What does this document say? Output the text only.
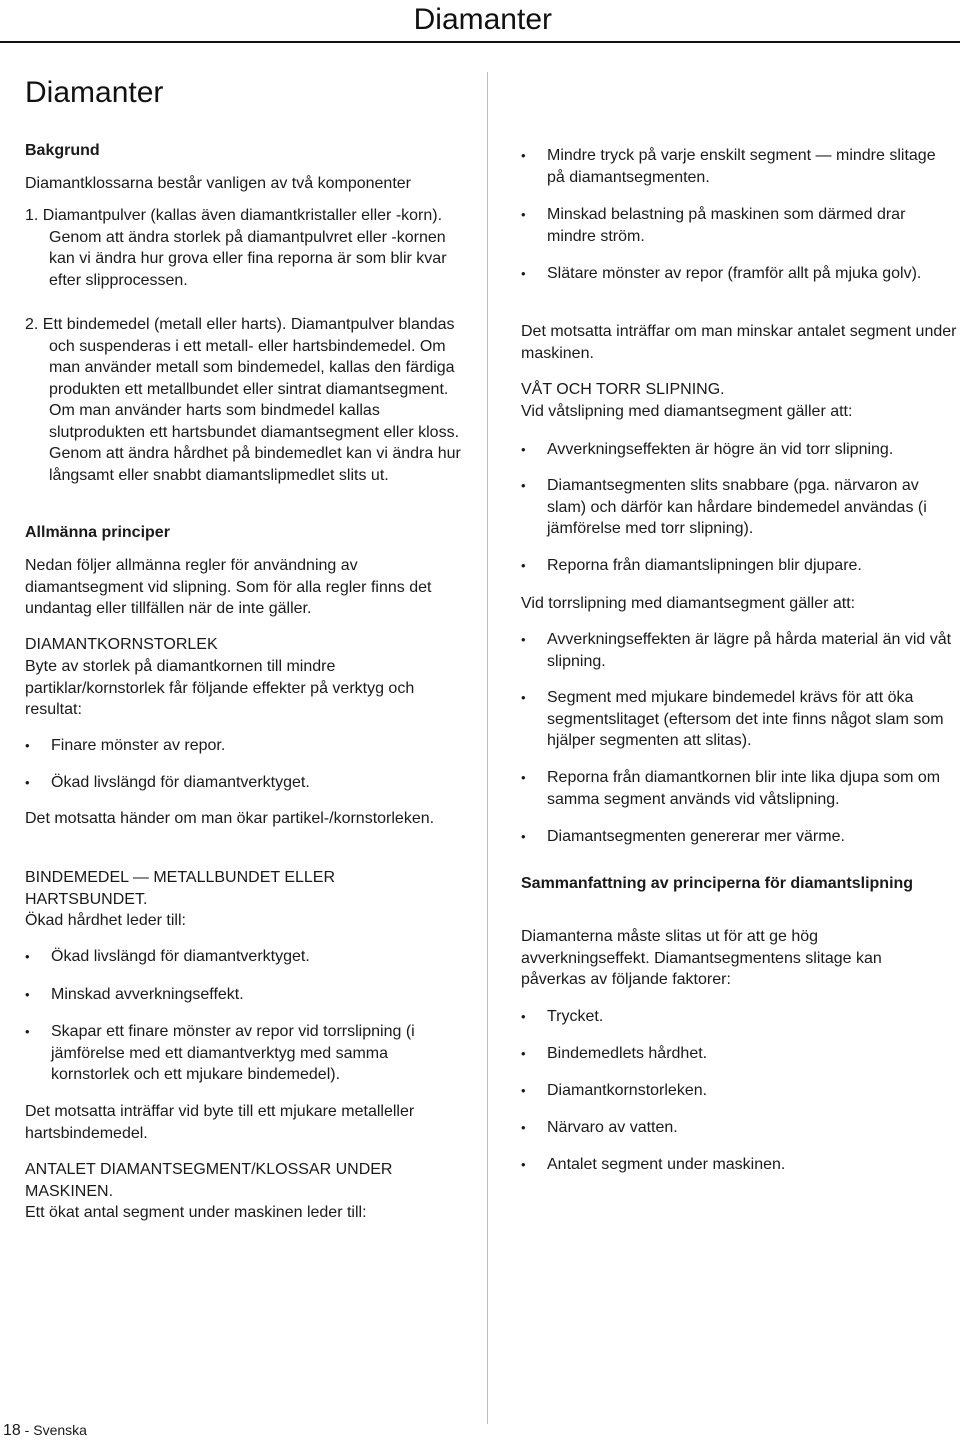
Diamanter
Diamanter

Bakgrund

Diamantklossarna består vanligen av två komponenter

1. Diamantpulver (kallas även diamantkristaller eller -korn). Genom att ändra storlek på diamantpulvret eller -kornen kan vi ändra hur grova eller fina reporna är som blir kvar efter slipprocessen.

2. Ett bindemedel (metall eller harts). Diamantpulver blandas och suspenderas i ett metall- eller hartsbindemedel. Om man använder metall som bindemedel, kallas den färdiga produkten ett metallbundet eller sintrat diamantsegment. Om man använder harts som bindmedel kallas slutprodukten ett hartsbundet diamantsegment eller kloss. Genom att ändra hårdhet på bindemedlet kan vi ändra hur långsamt eller snabbt diamantslipmedlet slits ut.

Allmänna principer

Nedan följer allmänna regler för användning av diamantsegment vid slipning. Som för alla regler finns det undantag eller tillfällen när de inte gäller.

DIAMANTKORNSTORLEK

Byte av storlek på diamantkornen till mindre partiklar/kornstorlek får följande effekter på verktyg och resultat:

• Finare mönster av repor.
• Ökad livslängd för diamantverktyget.

Det motsatta händer om man ökar partikel-/kornstorleken.

BINDEMEDEL — METALLBUNDET ELLER HARTSBUNDET.

Ökad hårdhet leder till:

• Ökad livslängd för diamantverktyget.
• Minskad avverkningseffekt.
• Skapar ett finare mönster av repor vid torrslipning (i jämförelse med ett diamantverktyg med samma kornstorlek och ett mjukare bindemedel).

Det motsatta inträffar vid byte till ett mjukare metalleller hartsbindemedel.

ANTALET DIAMANTSEGMENT/KLOSSAR UNDER MASKINEN.

Ett ökat antal segment under maskinen leder till:

• Mindre tryck på varje enskilt segment — mindre slitage på diamantsegmenten.
• Minskad belastning på maskinen som därmed drar mindre ström.
• Slätare mönster av repor (framför allt på mjuka golv).

Det motsatta inträffar om man minskar antalet segment under maskinen.

VÅT OCH TORR SLIPNING.

Vid våtslipning med diamantsegment gäller att:

• Avverkningseffekten är högre än vid torr slipning.
• Diamantsegmenten slits snabbare (pga. närvaron av slam) och därför kan hårdare bindemedel användas (i jämförelse med torr slipning).
• Reporna från diamantslipningen blir djupare.

Vid torrslipning med diamantsegment gäller att:

• Avverkningseffekten är lägre på hårda material än vid våt slipning.
• Segment med mjukare bindemedel krävs för att öka segmentslitaget (eftersom det inte finns något slam som hjälper segmenten att slitas).
• Reporna från diamantkornen blir inte lika djupa som om samma segment används vid våtslipning.
• Diamantsegmenten genererar mer värme.

Sammanfattning av principerna för diamantslipning

Diamanterna måste slitas ut för att ge hög avverkningseffekt. Diamantsegmentens slitage kan påverkas av följande faktorer:

• Trycket.
• Bindemedlets hårdhet.
• Diamantkornstorleken.
• Närvaro av vatten.
• Antalet segment under maskinen.
18 - Svenska
